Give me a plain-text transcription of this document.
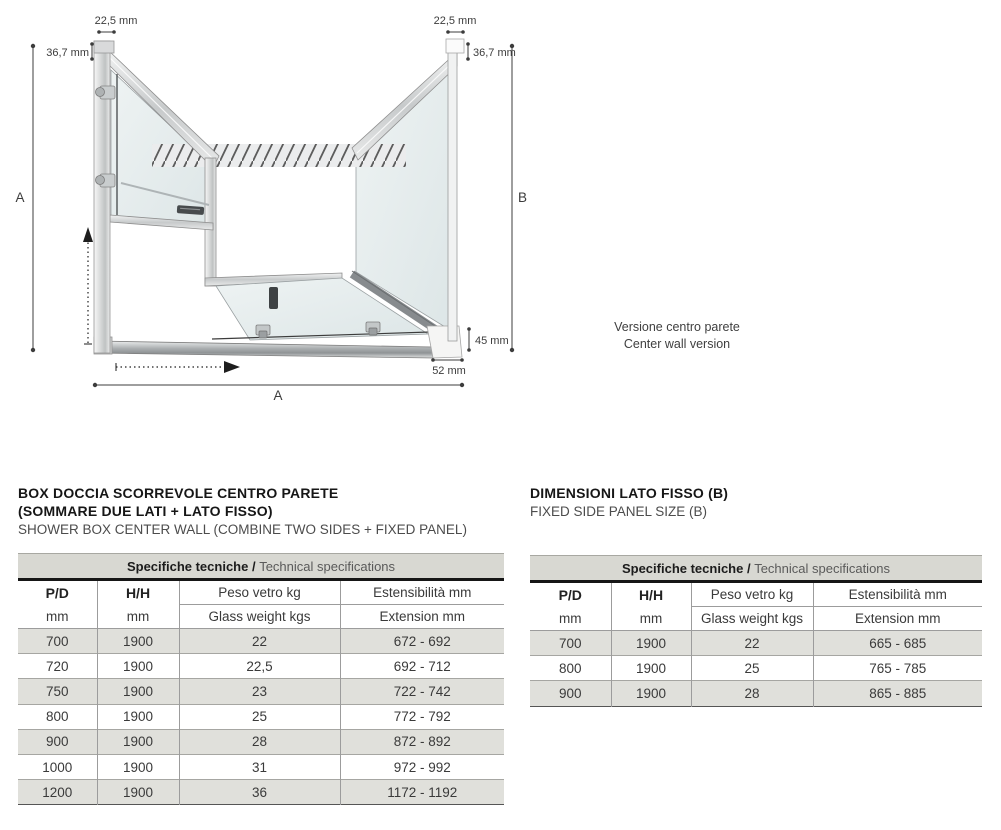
A	B
22,5 mm	22,5 mm
36,7 mm	36,7 mm
45 mm
52 mm
A
Versione centro parete
Center wall version
BOX DOCCIA SCORREVOLE CENTRO PARETE
(SOMMARE DUE LATI + LATO FISSO)
SHOWER BOX CENTER WALL (COMBINE TWO SIDES + FIXED PANEL)
Specifiche tecniche / Technical specifications			
P/D	H/H	Peso vetro kg	Estensibilità mm
mm	mm	Glass weight kgs	Extension mm
700	1900	22	672 - 692
720	1900	22,5	692 - 712
750	1900	23	722 - 742
800	1900	25	772 - 792
900	1900	28	872 - 892
1000	1900	31	972 - 992
1200	1900	36	1172 - 1192
DIMENSIONI LATO FISSO (B)
FIXED SIDE PANEL SIZE (B)
Specifiche tecniche / Technical specifications			
P/D	H/H	Peso vetro kg	Estensibilità mm
mm	mm	Glass weight kgs	Extension mm
700	1900	22	665 - 685
800	1900	25	765 - 785
900	1900	28	865 - 885
